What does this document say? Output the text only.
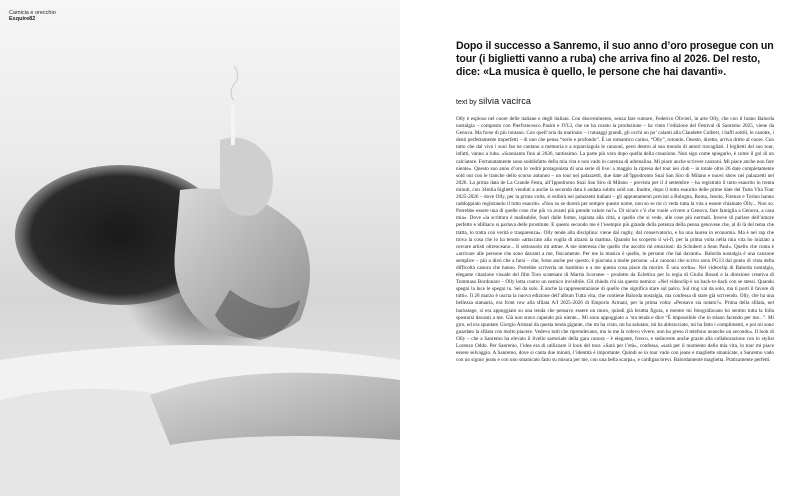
Camicia e orecchio
Esquire82
Dopo il successo a Sanremo, il suo anno d’oro prosegue con un tour (i biglietti vanno a ruba) che arriva fino al 2026. Del resto, dice: «La musica è quello, le persone che hai davanti».
text by silvia vacirca

Olly è esploso nel cuore delle italiane e degli italiani. Con discernimento, senza fare rumore, Federico Olivieri, in arte Olly, che con il brano Balorda nostalgia – composto con Pierfrancesco Pasini e JVLI, che ne ha curato la produzione – ha vinto l’edizione del Festival di Sanremo 2025, viene da Genova. Ma forse di più lontano. Con quell’aria da marinaio – i tatuaggi grandi, gli occhi un po’ calanti alla Claudette Colbert, i baffi sottili, le canotte, i denti perfettamente imperfetti – di uno che pensa “serio e profondo”. È un romantico carino, “Olly”, rotondo. Onesto, diretto, arriva dritto al cuore. Con tutto che dal vivo i suoi fan ne cantano a memoria e a squarciagola le canzoni, persi dentro al suo mondo di amori travagliati. I biglietti del suo tour, infatti, vanno a ruba. «Suoniamo fino al 2026, tantissimo. La parte più vera dopo quella della creazione. Non sigo come spiegarlo, è come il gol di un calciatore. Fortunatamente sono soddisfatto della mia vita e non vado in carenza di adrenalina. Mi piace anche scrivere canzoni. Mi piace anche non fare niente». Questo suo anno d’oro lo vedrà protagonista di una serie di live: a maggio la ripresa del tour nei club – in totale oltre 26 date completamente sold out con le tranche dello scorso autunno – un tour nei palazzetti, due date all’Ippodromo Snai San Siro di Milano e nuovi show nei palazzetti nel 2026. La prima data de La Grande Festa, all’Ippodromo Snai San Siro di Milano – prevista per il 4 settembre – ha registrato il tutto esaurito in trenta minuti, con 34mila biglietti venduti a anche la seconda data è andata subito sold out. Inoltre, dopo il tutto esaurito delle prime date del Tutta Vita Tour 2025-2026 – dove Olly, per la prima volta, si esibirà nei palazzetti italiani – gli appuntamenti previsti a Bologna, Roma, Jesolo, Firenze e Torino hanno raddoppiato registrando il tutto esaurito. «Non so se durerà per sempre questo nome, non so se mi ci vedo tutta la vita a essere chiamato Olly... Non so. Potrebbe essere una di quelle cose che più va avanti più prende valore no?». Di sicuro c’è che vuole «vivere a Genova, fare famiglia a Genova, a casa mia». Dove «la scrittura è malleabile, fuori dalle forme, ispirata alla città, a quello che si vede, alle cose più normali. Invece di parlare dell’amore perfetto e idilliaco si parlava delle prostitute. E questo secondo me è l’esempio più grande della potenza della penna genovese che, al di là del tema che tratta, lo tratta con verità e trasparenza». Olly tende alla disciplina: viene dal rugby, dal conservatorio, e ha una laurea in economia. Ma è nel rap che trova la cosa che lo ha tenuto «attaccato alla voglia di alzarsi la mattina. Quando ho scoperto il wi-fi, per la prima volta nella mia vita ho iniziato a cercare artisti oltreoceano... Il sottosuolo mi attrae. A me interessa che quello che ascolto mi emozioni: da Schubert a Sean Paul». Quello che conta è «arrivare alle persone che sono davanti a me, fisicamente. Per me la musica è quello, le persone che hai davanti». Balorda nostalgia è una canzone semplice – più a dirsi che a farsi – che, forse anche per questo, è piaciuta a molte persone. «Le canzoni che scrivo sono PG13 dal punto di vista della difficoltà canora che hanno. Potrebbe scriverla un bambino e a me questa cosa piace da morire. È una scelta». Nel videoclip di Balorda nostalgia, elegante citazione visuale del film Toro scatenato di Martin Scorsese – prodotto da Eclettica per la regia di Giulio Rosati e la direzione creativa di Tommaso Bordonaro – Olly lotta contro un nemico invisibile. Gli chiedo chi sia questo nemico: «Nel videoclip è un back-to-back con se stessi. Quando spegni la luce le spegni tu. Sei da solo. È anche la rappresentazione di quello che significa stare sul palco. Sul ring vai da solo, ma ti porti il favore di tutti». Il 28 marzo è uscita la nuova edizione dell’album Tutta vita, che contiene Balorda nostalgia, ma confessa di stare già scrivendo. Olly, che ha una bellezza statuaria, era front row alla sfilata A/I 2025-2026 di Emporio Armani, per la prima volta: «Pensavo sia notato?». Prima della sfilata, nel backstage, si era appoggiato su una tenda che pensavo essere un muro, quindi già bruttta figura, e mentre mi fotografavano ho sentito tutta la folla spostarsi davanti a me. Già non stavo capendo più niente... Mi sono appoggiato a ‘sta tenda e dice “È impossibile che lo stiano facendo per me...”. Mi giro, ed era spuntato Giorgio Armani da questa tenda gigante, che mi ha visto, mi ha salutato, mi ha abbracciato, mi ha fatto i complimenti, e poi mi sono guardato la sfilata con molto piacere. Vedevo tutti che riprendevano, ma io me la volevo vivere, non ho preso il telefono neanche un secondo». Il look di Olly – che a Sanremo ha elevato il livello sartoriale della gara canora – è elegante, fresco, e seducente anche grazie alla collaborazione con lo stylist Lorenzo Oddo. Per Sanremo, l’idea era di utilizzare il look del tour. «Sarà per l’età», confessa, «sarà per il momento della mia vita, in tour mi piace essere selvaggio. A Sanremo, dove si canta due minuti, l’identità è importante. Quindi se in tour vado con jeans e magliette smanicate, a Sanremo vado con un signor jeans e con uno smanicato fatto su misura per me, con una bella scarpa», e cardigan brevi. Balordamente maglietta. Praticamente perfetti.
